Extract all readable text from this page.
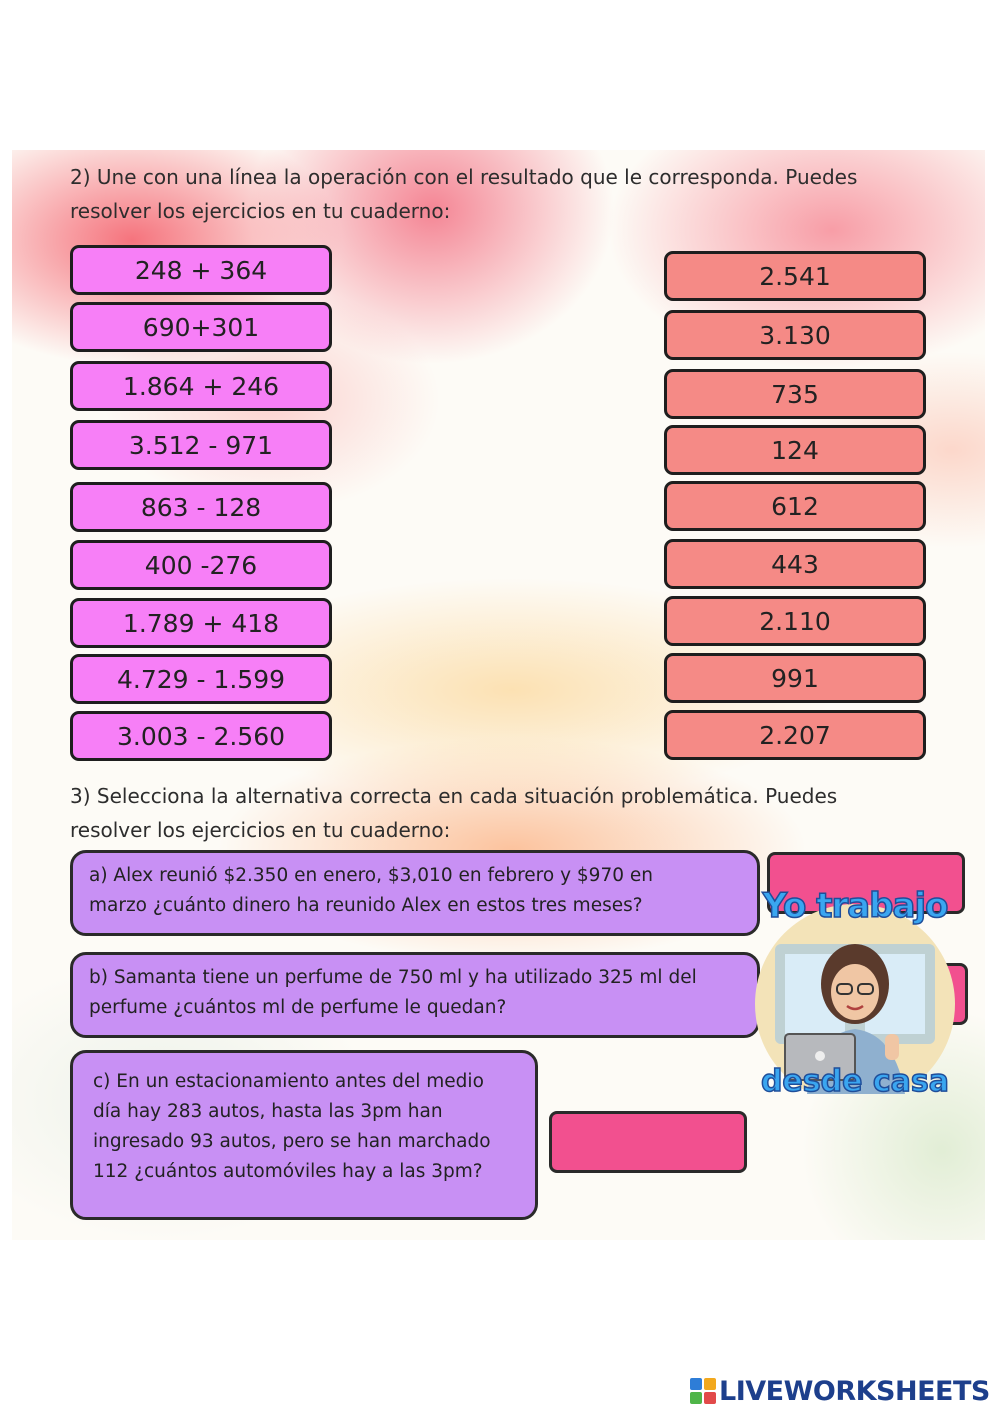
2) Une con una línea la operación con el resultado que le corresponda. Puedes
resolver los ejercicios en tu cuaderno:
248 + 364
690+301
1.864 + 246
3.512 - 971
863 - 128
400 -276
1.789 + 418
4.729 - 1.599
3.003 - 2.560
2.541
3.130
735
124
612
443
2.110
991
2.207
3) Selecciona la alternativa correcta en cada situación problemática. Puedes
resolver los ejercicios en tu cuaderno:
a) Alex reunió $2.350 en enero, $3,010 en febrero y $970 en
marzo ¿cuánto dinero ha reunido Alex en estos tres meses?
b) Samanta tiene un perfume de 750 ml y ha utilizado 325 ml del
perfume ¿cuántos ml de perfume le quedan?
c) En un estacionamiento antes del medio
día hay 283 autos, hasta las 3pm han
ingresado 93 autos, pero se han marchado
112 ¿cuántos automóviles hay a las 3pm?
Yo trabajo
desde casa
LIVEWORKSHEETS
